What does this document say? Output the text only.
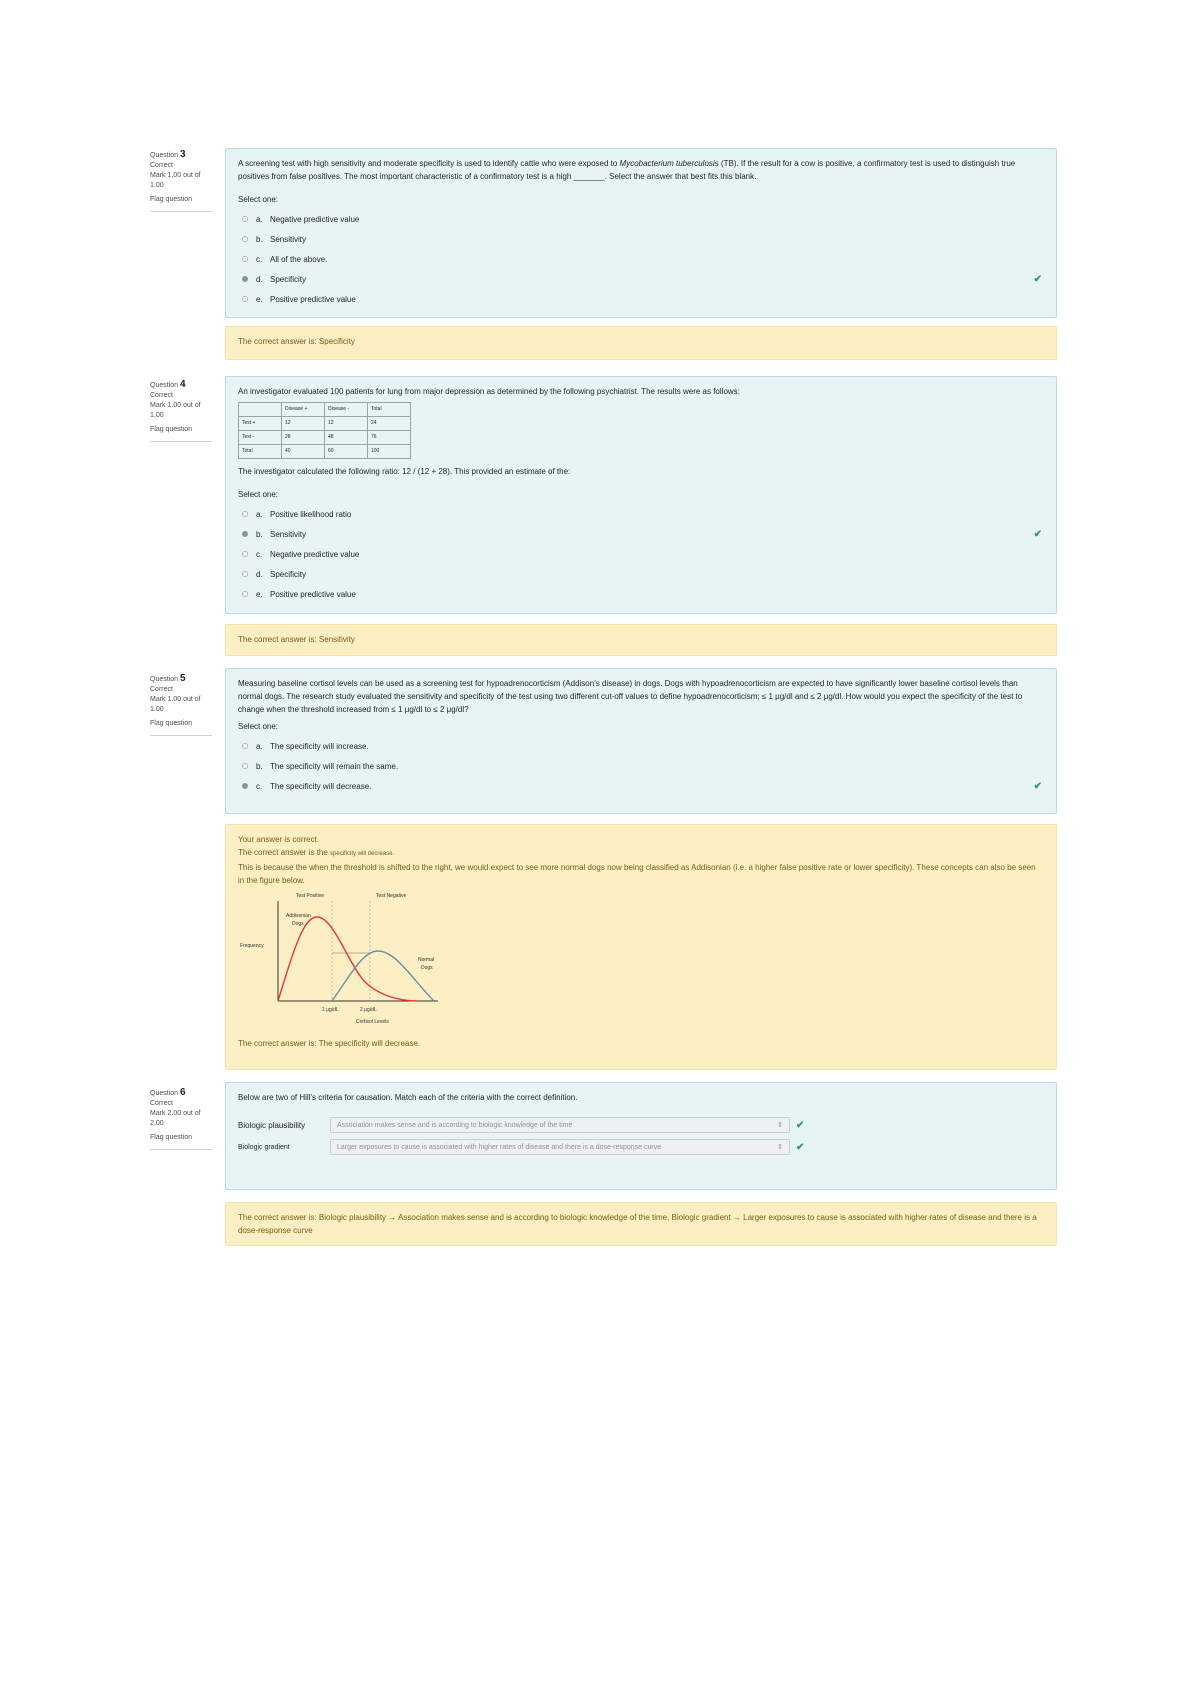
Question 3
Correct
Mark 1.00 out of 1.00
Flag question

A screening test with high sensitivity and moderate specificity is used to identify cattle who were exposed to Mycobacterium tuberculosis (TB). If the result for a cow is positive, a confirmatory test is used to distinguish true positives from false positives. The most important characteristic of a confirmatory test is a high _______. Select the answer that best fits this blank.

Select one:

a. Negative predictive value
b. Sensitivity
c. All of the above.
d. Specificity	✔
e. Positive predictive value

The correct answer is: Specificity

Question 4
Correct
Mark 1.00 out of 1.00
Flag question

An investigator evaluated 100 patients for lung from major depression as determined by the following psychiatrist. The results were as follows:

	Disease +	Disease -	Total
Test +	12	12	24
Test -	28	48	76
Total	40	60	100

The investigator calculated the following ratio: 12 / (12 + 28). This provided an estimate of the:

Select one:

a. Positive likelihood ratio
b. Sensitivity	✔
c. Negative predictive value
d. Specificity
e. Positive predictive value

The correct answer is: Sensitivity

Question 5
Correct
Mark 1.00 out of 1.00
Flag question

Measuring baseline cortisol levels can be used as a screening test for hypoadrenocorticism (Addison's disease) in dogs. Dogs with hypoadrenocorticism are expected to have significantly lower baseline cortisol levels than normal dogs. The research study evaluated the sensitivity and specificity of the test using two different cut-off values to define hypoadrenocorticism; ≤ 1 μg/dl and ≤ 2 μg/dl. How would you expect the specificity of the test to change when the threshold increased from ≤ 1 μg/dl to ≤ 2 μg/dl?

Select one:

a. The specificity will increase.
b. The specificity will remain the same.
c. The specificity will decrease.	✔

Your answer is correct.

The correct answer is the specificity will decrease.

This is because the when the threshold is shifted to the right, we would expect to see more normal dogs now being classified as Addisonian (i.e. a higher false positive rate or lower specificity). These concepts can also be seen in the figure below.

Test Positive	Test Negative
Addisonian
Dogs
Frequency
Normal
Dogs
1 μg/dL	2 μg/dL
Cortisol Levels

The correct answer is: The specificity will decrease.

Question 6
Correct
Mark 2.00 out of 2.00
Flag question

Below are two of Hill's criteria for causation. Match each of the criteria with the correct definition.

Biologic plausibility	Association makes sense and is according to biologic knowledge of the time	⇕ ✔
Biologic gradient	Larger exposures to cause is associated with higher rates of disease and there is a dose-response curve	⇕ ✔

The correct answer is: Biologic plausibility → Association makes sense and is according to biologic knowledge of the time, Biologic gradient → Larger exposures to cause is associated with higher rates of disease and there is a dose-response curve
